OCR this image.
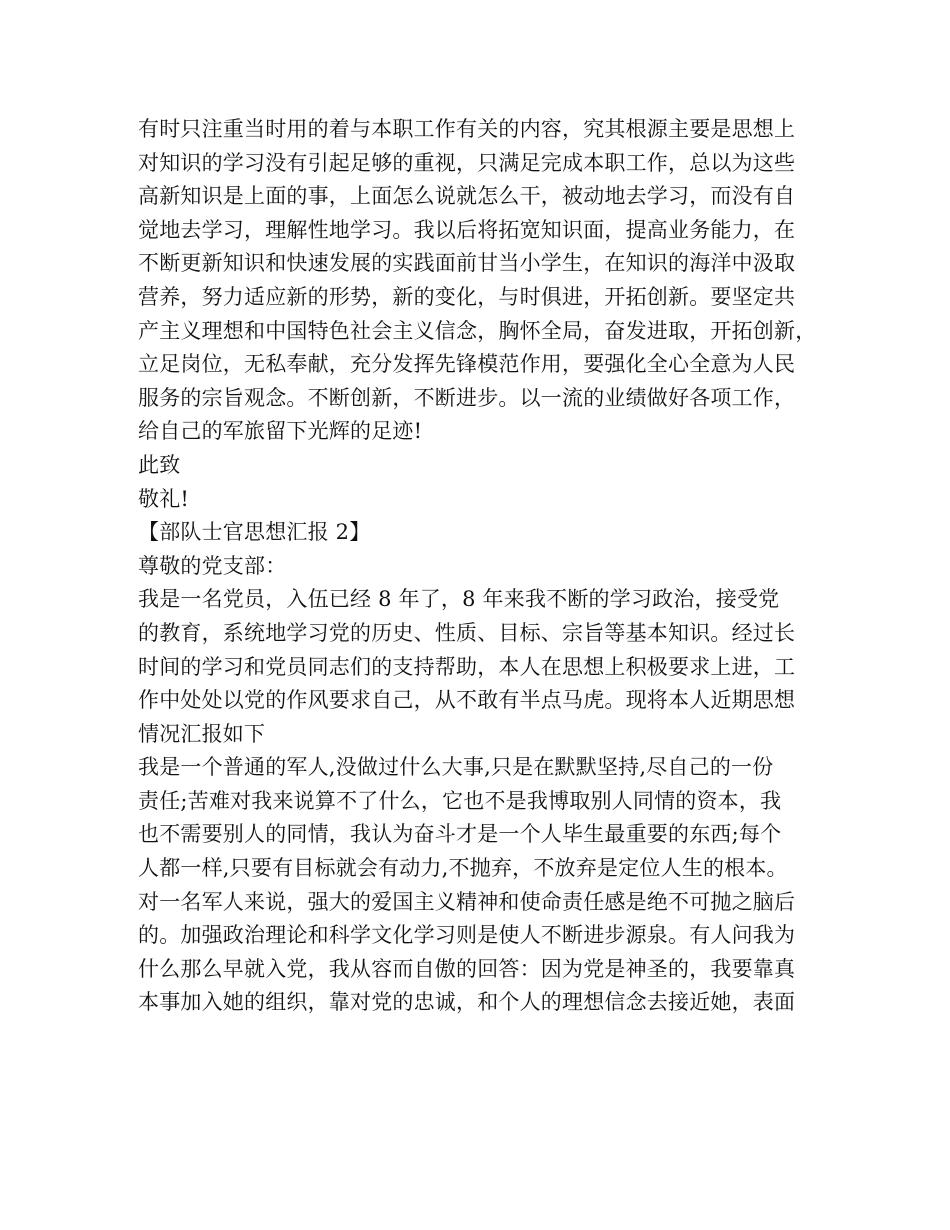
有时只注重当时用的着与本职工作有关的内容，究其根源主要是思想上
对知识的学习没有引起足够的重视，只满足完成本职工作，总以为这些
高新知识是上面的事，上面怎么说就怎么干，被动地去学习，而没有自
觉地去学习，理解性地学习。我以后将拓宽知识面，提高业务能力，在
不断更新知识和快速发展的实践面前甘当小学生，在知识的海洋中汲取
营养，努力适应新的形势，新的变化，与时俱进，开拓创新。要坚定共
产主义理想和中国特色社会主义信念，胸怀全局，奋发进取，开拓创新，
立足岗位，无私奉献，充分发挥先锋模范作用，要强化全心全意为人民
服务的宗旨观念。不断创新，不断进步。以一流的业绩做好各项工作，
给自己的军旅留下光辉的足迹!
此致
敬礼!
【部队士官思想汇报 2】
尊敬的党支部：
我是一名党员，入伍已经 8 年了，8 年来我不断的学习政治，接受党
的教育，系统地学习党的历史、性质、目标、宗旨等基本知识。经过长
时间的学习和党员同志们的支持帮助，本人在思想上积极要求上进，工
作中处处以党的作风要求自己，从不敢有半点马虎。现将本人近期思想
情况汇报如下
我是一个普通的军人,没做过什么大事,只是在默默坚持,尽自己的一份
责任;苦难对我来说算不了什么，它也不是我博取别人同情的资本，我
也不需要别人的同情，我认为奋斗才是一个人毕生最重要的东西;每个
人都一样,只要有目标就会有动力,不抛弃，不放弃是定位人生的根本。
对一名军人来说，强大的爱国主义精神和使命责任感是绝不可抛之脑后
的。加强政治理论和科学文化学习则是使人不断进步源泉。有人问我为
什么那么早就入党，我从容而自傲的回答：因为党是神圣的，我要靠真
本事加入她的组织，靠对党的忠诚，和个人的理想信念去接近她，表面
